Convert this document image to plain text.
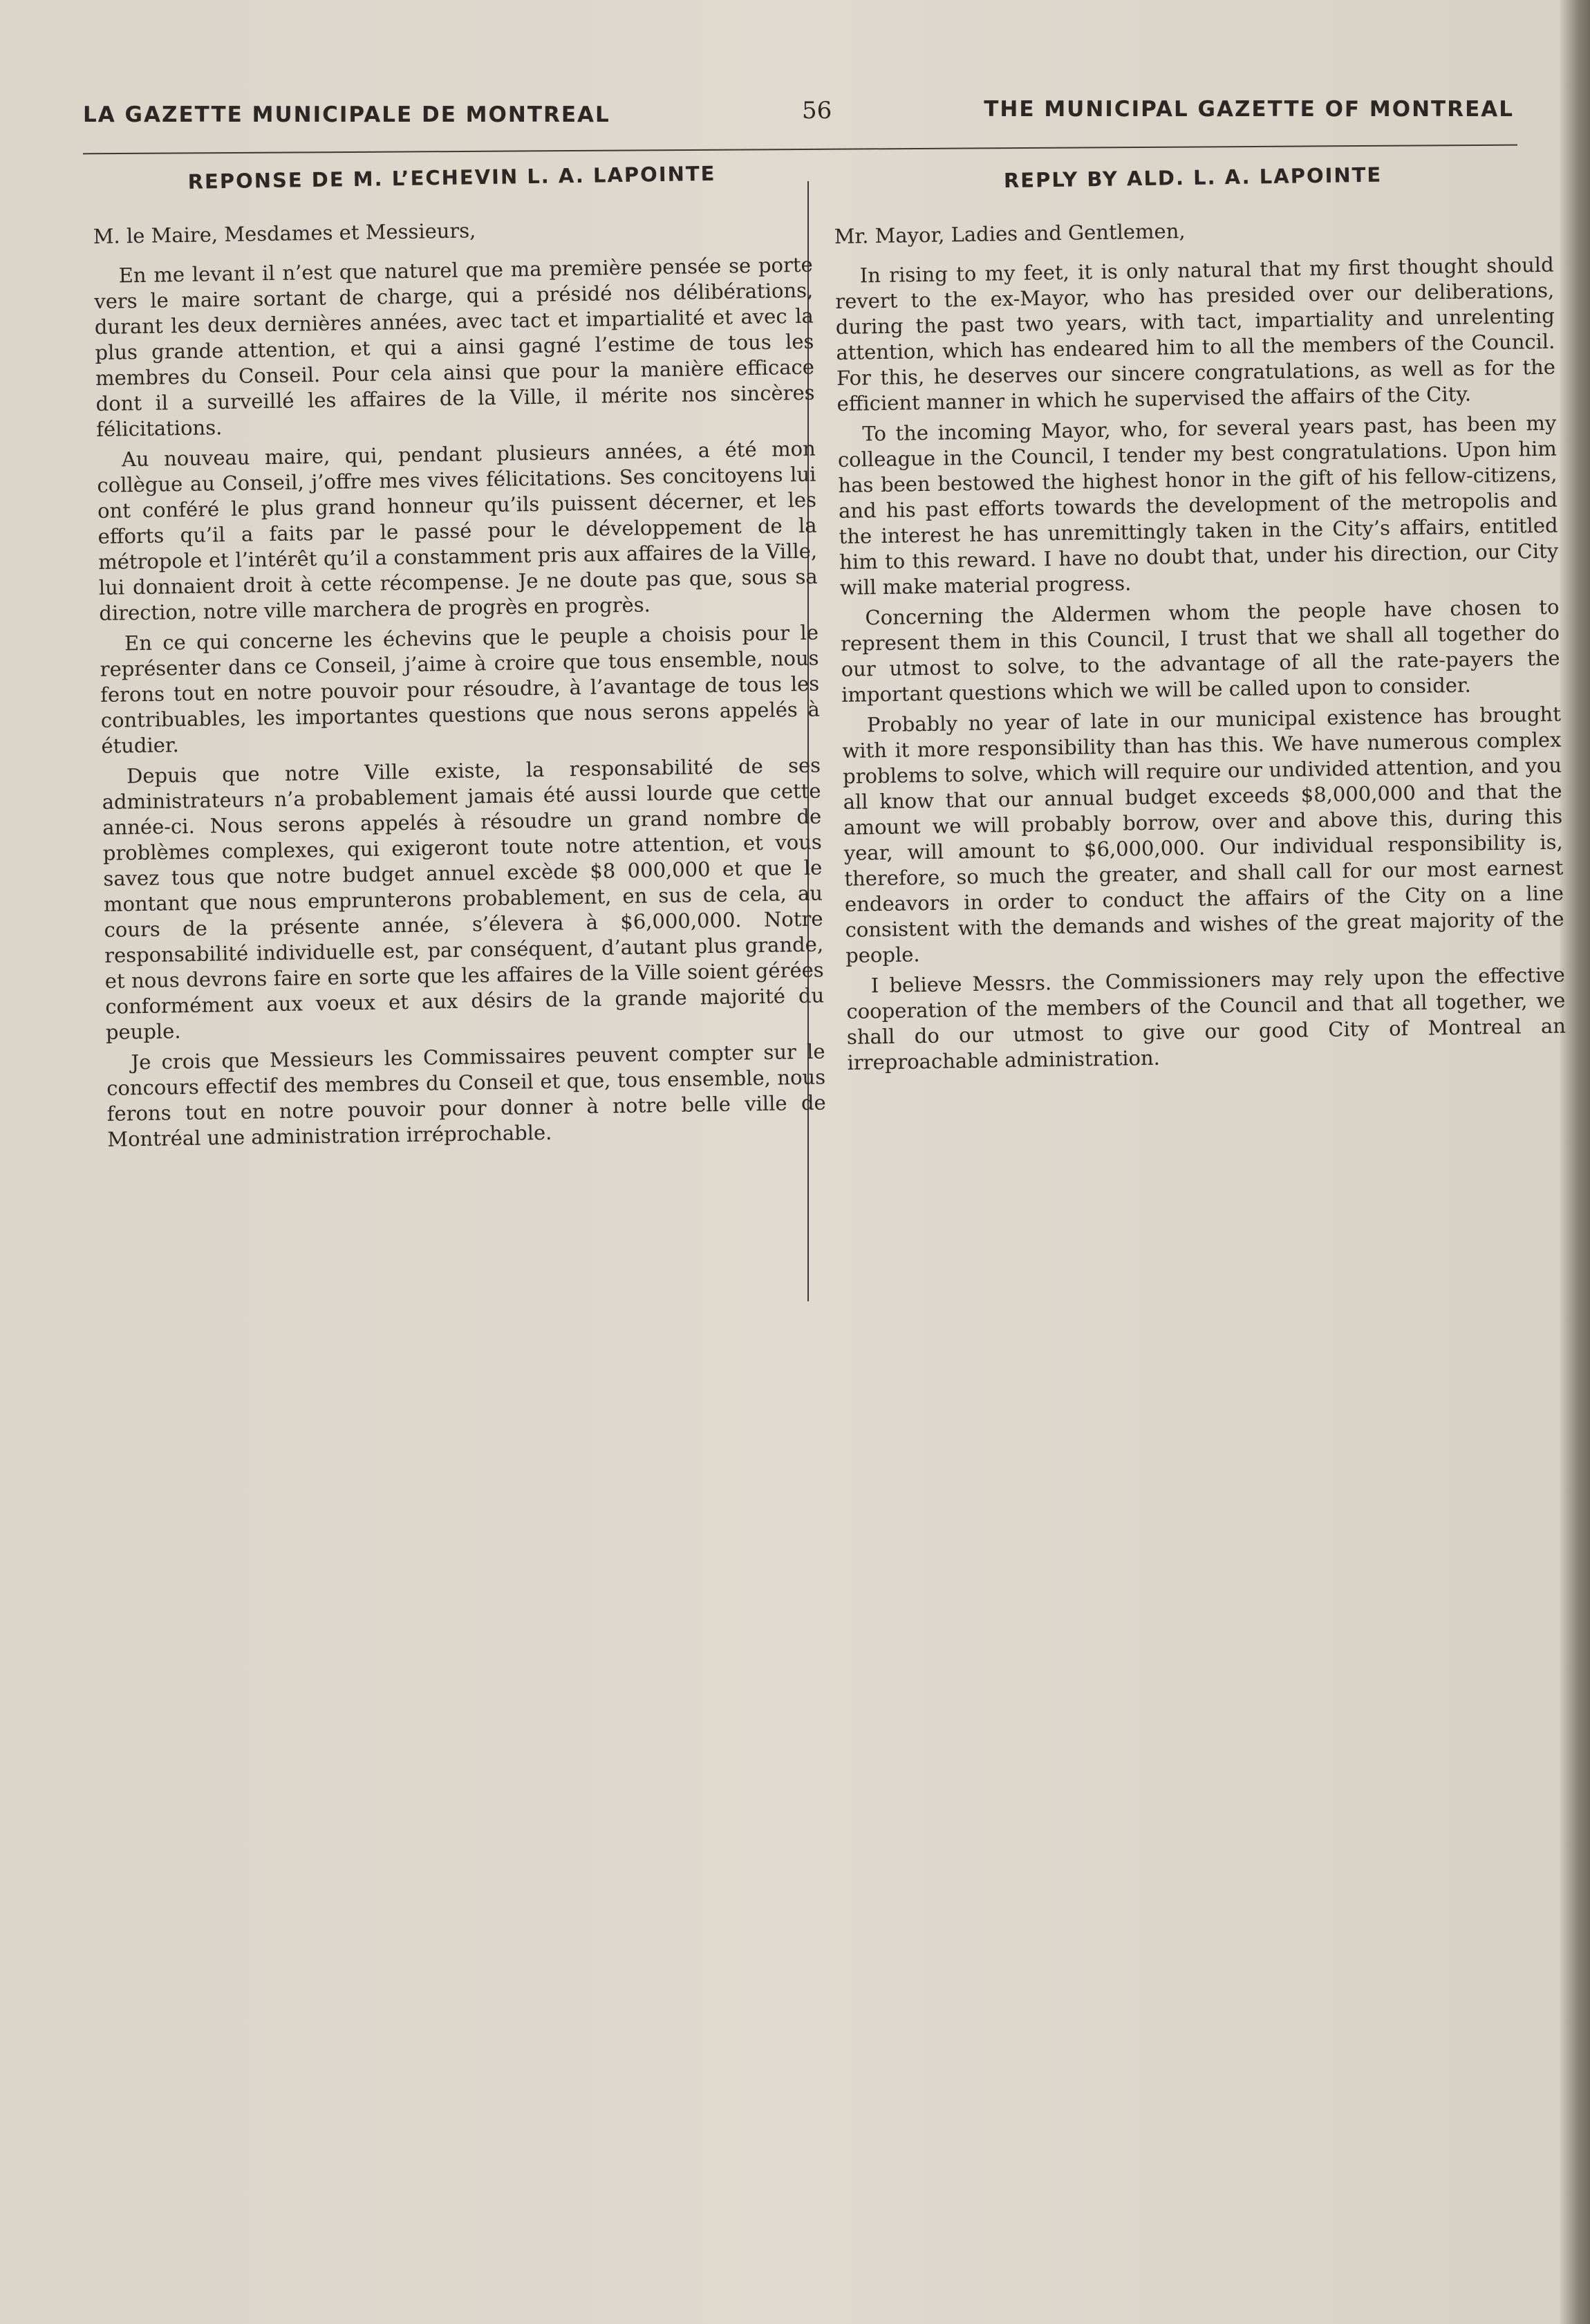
LA GAZETTE MUNICIPALE DE MONTREAL	56	THE MUNICIPAL GAZETTE OF MONTREAL
REPONSE DE M. L’ECHEVIN L. A. LAPOINTE

M. le Maire, Mesdames et Messieurs,

En me levant il n’est que naturel que ma première pensée se porte vers le maire sortant de charge, qui a présidé nos délibérations, durant les deux dernières années, avec tact et impartialité et avec la plus grande attention, et qui a ainsi gagné l’estime de tous les membres du Conseil. Pour cela ainsi que pour la manière efficace dont il a surveillé les affaires de la Ville, il mérite nos sincères félicitations.

Au nouveau maire, qui, pendant plusieurs années, a été mon collègue au Conseil, j’offre mes vives félicitations. Ses concitoyens lui ont conféré le plus grand honneur qu’ils puissent décerner, et les efforts qu’il a faits par le passé pour le développement de la métropole et l’intérêt qu’il a constamment pris aux affaires de la Ville, lui donnaient droit à cette récompense. Je ne doute pas que, sous sa direction, notre ville marchera de progrès en progrès.

En ce qui concerne les échevins que le peuple a choisis pour le représenter dans ce Conseil, j’aime à croire que tous ensemble, nous ferons tout en notre pouvoir pour résoudre, à l’avantage de tous les contribuables, les importantes questions que nous serons appelés à étudier.

Depuis que notre Ville existe, la responsabilité de ses administrateurs n’a probablement jamais été aussi lourde que cette année-ci. Nous serons appelés à résoudre un grand nombre de problèmes complexes, qui exigeront toute notre attention, et vous savez tous que notre budget annuel excède $8 000,000 et que le montant que nous emprunterons probablement, en sus de cela, au cours de la présente année, s’élevera à $6,000,000. Notre responsabilité individuelle est, par conséquent, d’autant plus grande, et nous devrons faire en sorte que les affaires de la Ville soient gérées conformément aux voeux et aux désirs de la grande majorité du peuple.

Je crois que Messieurs les Commissaires peuvent compter sur le concours effectif des membres du Conseil et que, tous ensemble, nous ferons tout en notre pouvoir pour donner à notre belle ville de Montréal une administration irréprochable.

REPLY BY ALD. L. A. LAPOINTE

Mr. Mayor, Ladies and Gentlemen,

In rising to my feet, it is only natural that my first thought should revert to the ex-Mayor, who has presided over our deliberations, during the past two years, with tact, impartiality and unrelenting attention, which has endeared him to all the members of the Council. For this, he deserves our sincere congratulations, as well as for the efficient manner in which he supervised the affairs of the City.

To the incoming Mayor, who, for several years past, has been my colleague in the Council, I tender my best congratulations. Upon him has been bestowed the highest honor in the gift of his fellow-citizens, and his past efforts towards the development of the metropolis and the interest he has unremittingly taken in the City’s affairs, entitled him to this reward. I have no doubt that, under his direction, our City will make material progress.

Concerning the Aldermen whom the people have chosen to represent them in this Council, I trust that we shall all together do our utmost to solve, to the advantage of all the rate-payers the important questions which we will be called upon to consider.

Probably no year of late in our municipal existence has brought with it more responsibility than has this. We have numerous complex problems to solve, which will require our undivided attention, and you all know that our annual budget exceeds $8,000,000 and that the amount we will probably borrow, over and above this, during this year, will amount to $6,000,000. Our individual responsibility is, therefore, so much the greater, and shall call for our most earnest endeavors in order to conduct the affairs of the City on a line consistent with the demands and wishes of the great majority of the people.

I believe Messrs. the Commissioners may rely upon the effective cooperation of the members of the Council and that all together, we shall do our utmost to give our good City of Montreal an irreproachable administration.
